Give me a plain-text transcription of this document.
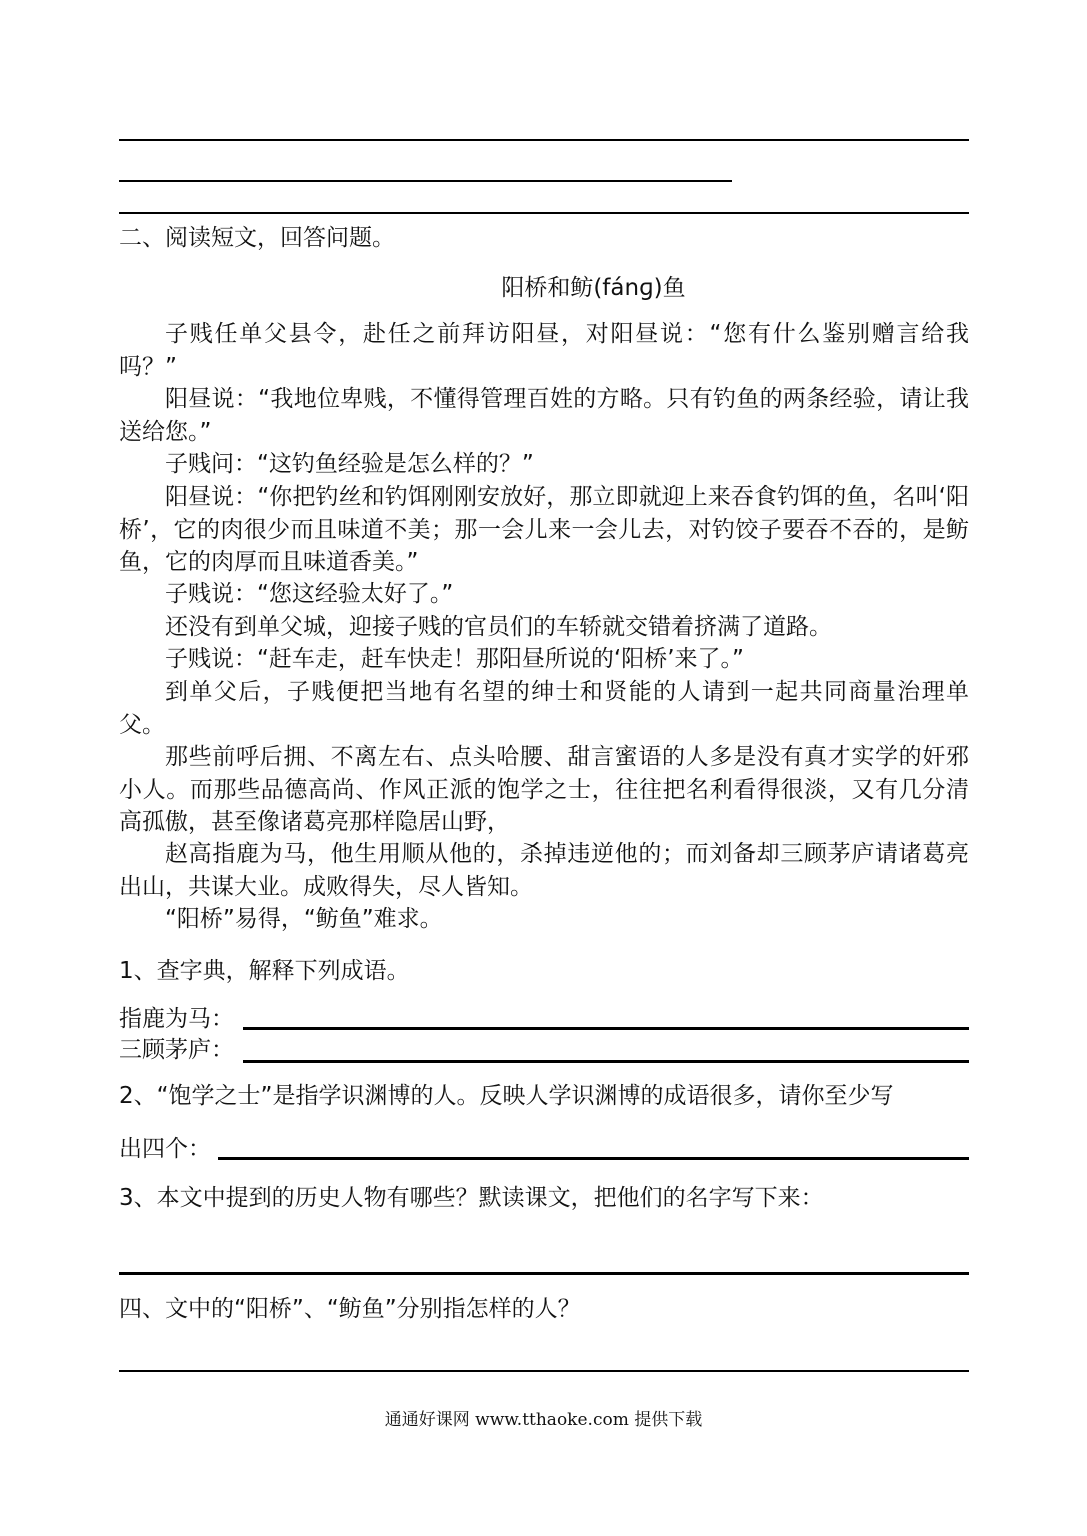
二、阅读短文，回答问题。
阳桥和鲂(fánɡ)鱼
子贱任单父县令，赴任之前拜访阳昼，对阳昼说：“您有什么鉴别赠言给我吗？”
阳昼说：“我地位卑贱，不懂得管理百姓的方略。只有钓鱼的两条经验，请让我送给您。”
子贱问：“这钓鱼经验是怎么样的？”
阳昼说：“你把钓丝和钓饵刚刚安放好，那立即就迎上来吞食钓饵的鱼，名叫‘阳桥’，它的肉很少而且味道不美；那一会儿来一会儿去，对钓饺子要吞不吞的，是鲂鱼，它的肉厚而且味道香美。”
子贱说：“您这经验太好了。”
还没有到单父城，迎接子贱的官员们的车轿就交错着挤满了道路。
子贱说：“赶车走，赶车快走！那阳昼所说的‘阳桥’来了。”
到单父后，子贱便把当地有名望的绅士和贤能的人请到一起共同商量治理单父。
那些前呼后拥、不离左右、点头哈腰、甜言蜜语的人多是没有真才实学的奸邪小人。而那些品德高尚、作风正派的饱学之士，往往把名利看得很淡，又有几分清高孤傲，甚至像诸葛亮那样隐居山野，
赵高指鹿为马，他生用顺从他的，杀掉违逆他的；而刘备却三顾茅庐请诸葛亮出山，共谋大业。成败得失，尽人皆知。
“阳桥”易得，“鲂鱼”难求。
1、查字典，解释下列成语。
指鹿为马：
三顾茅庐：
2、“饱学之士”是指学识渊博的人。反映人学识渊博的成语很多，请你至少写
出四个：
3、本文中提到的历史人物有哪些？默读课文，把他们的名字写下来：
四、文中的“阳桥”、“鲂鱼”分别指怎样的人？
通通好课网 www.tthaoke.com 提供下载
